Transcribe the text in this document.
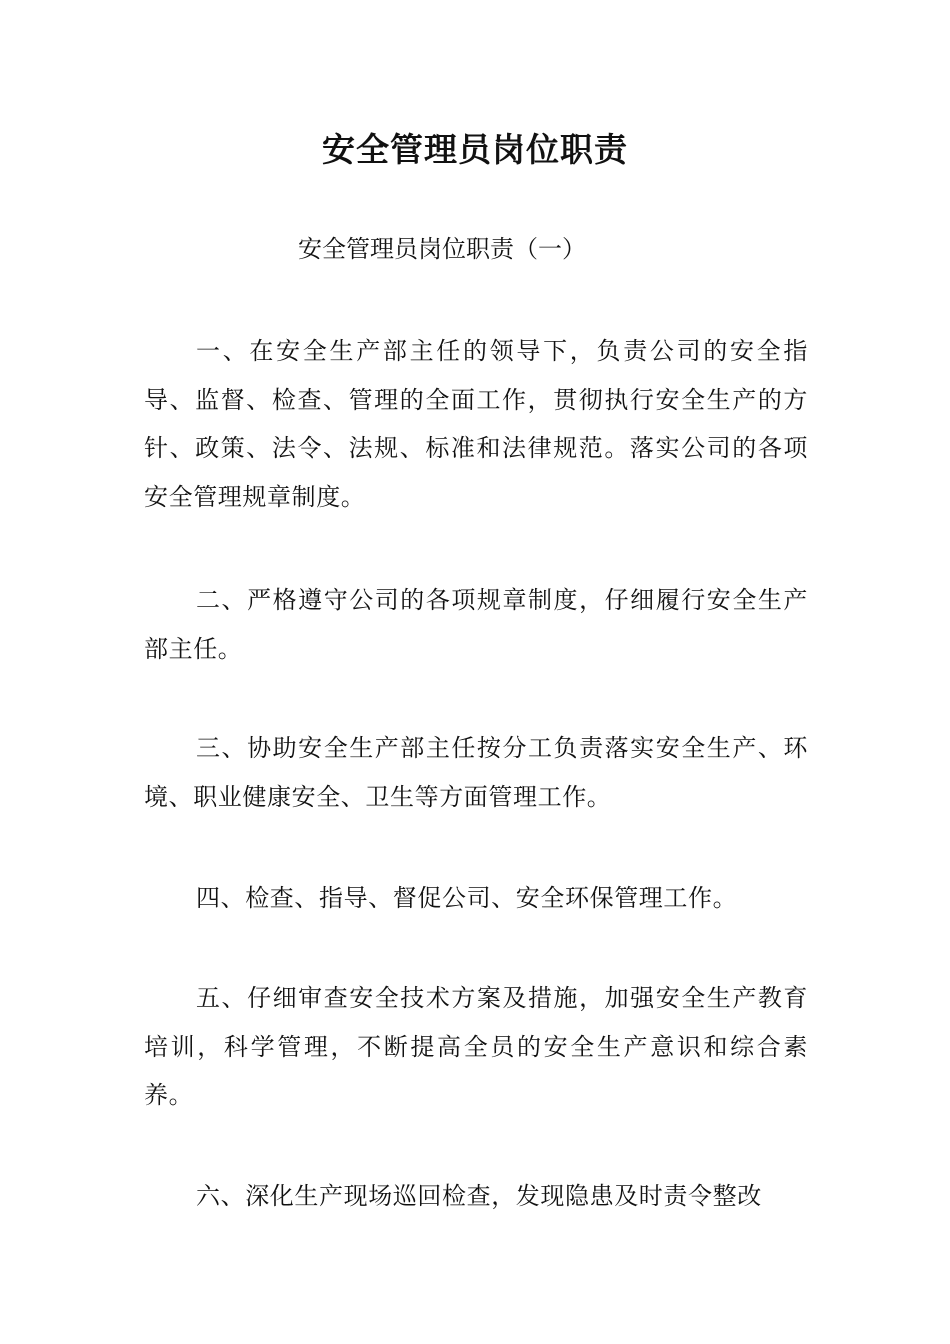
安全管理员岗位职责
安全管理员岗位职责（一）
一、在安全生产部主任的领导下，负责公司的安全指导、监督、检查、管理的全面工作，贯彻执行安全生产的方针、政策、法令、法规、标准和法律规范。落实公司的各项安全管理规章制度。
二、严格遵守公司的各项规章制度，仔细履行安全生产部主任。
三、协助安全生产部主任按分工负责落实安全生产、环境、职业健康安全、卫生等方面管理工作。
四、检查、指导、督促公司、安全环保管理工作。
五、仔细审查安全技术方案及措施，加强安全生产教育培训，科学管理，不断提高全员的安全生产意识和综合素养。
六、深化生产现场巡回检查，发现隐患及时责令整改
